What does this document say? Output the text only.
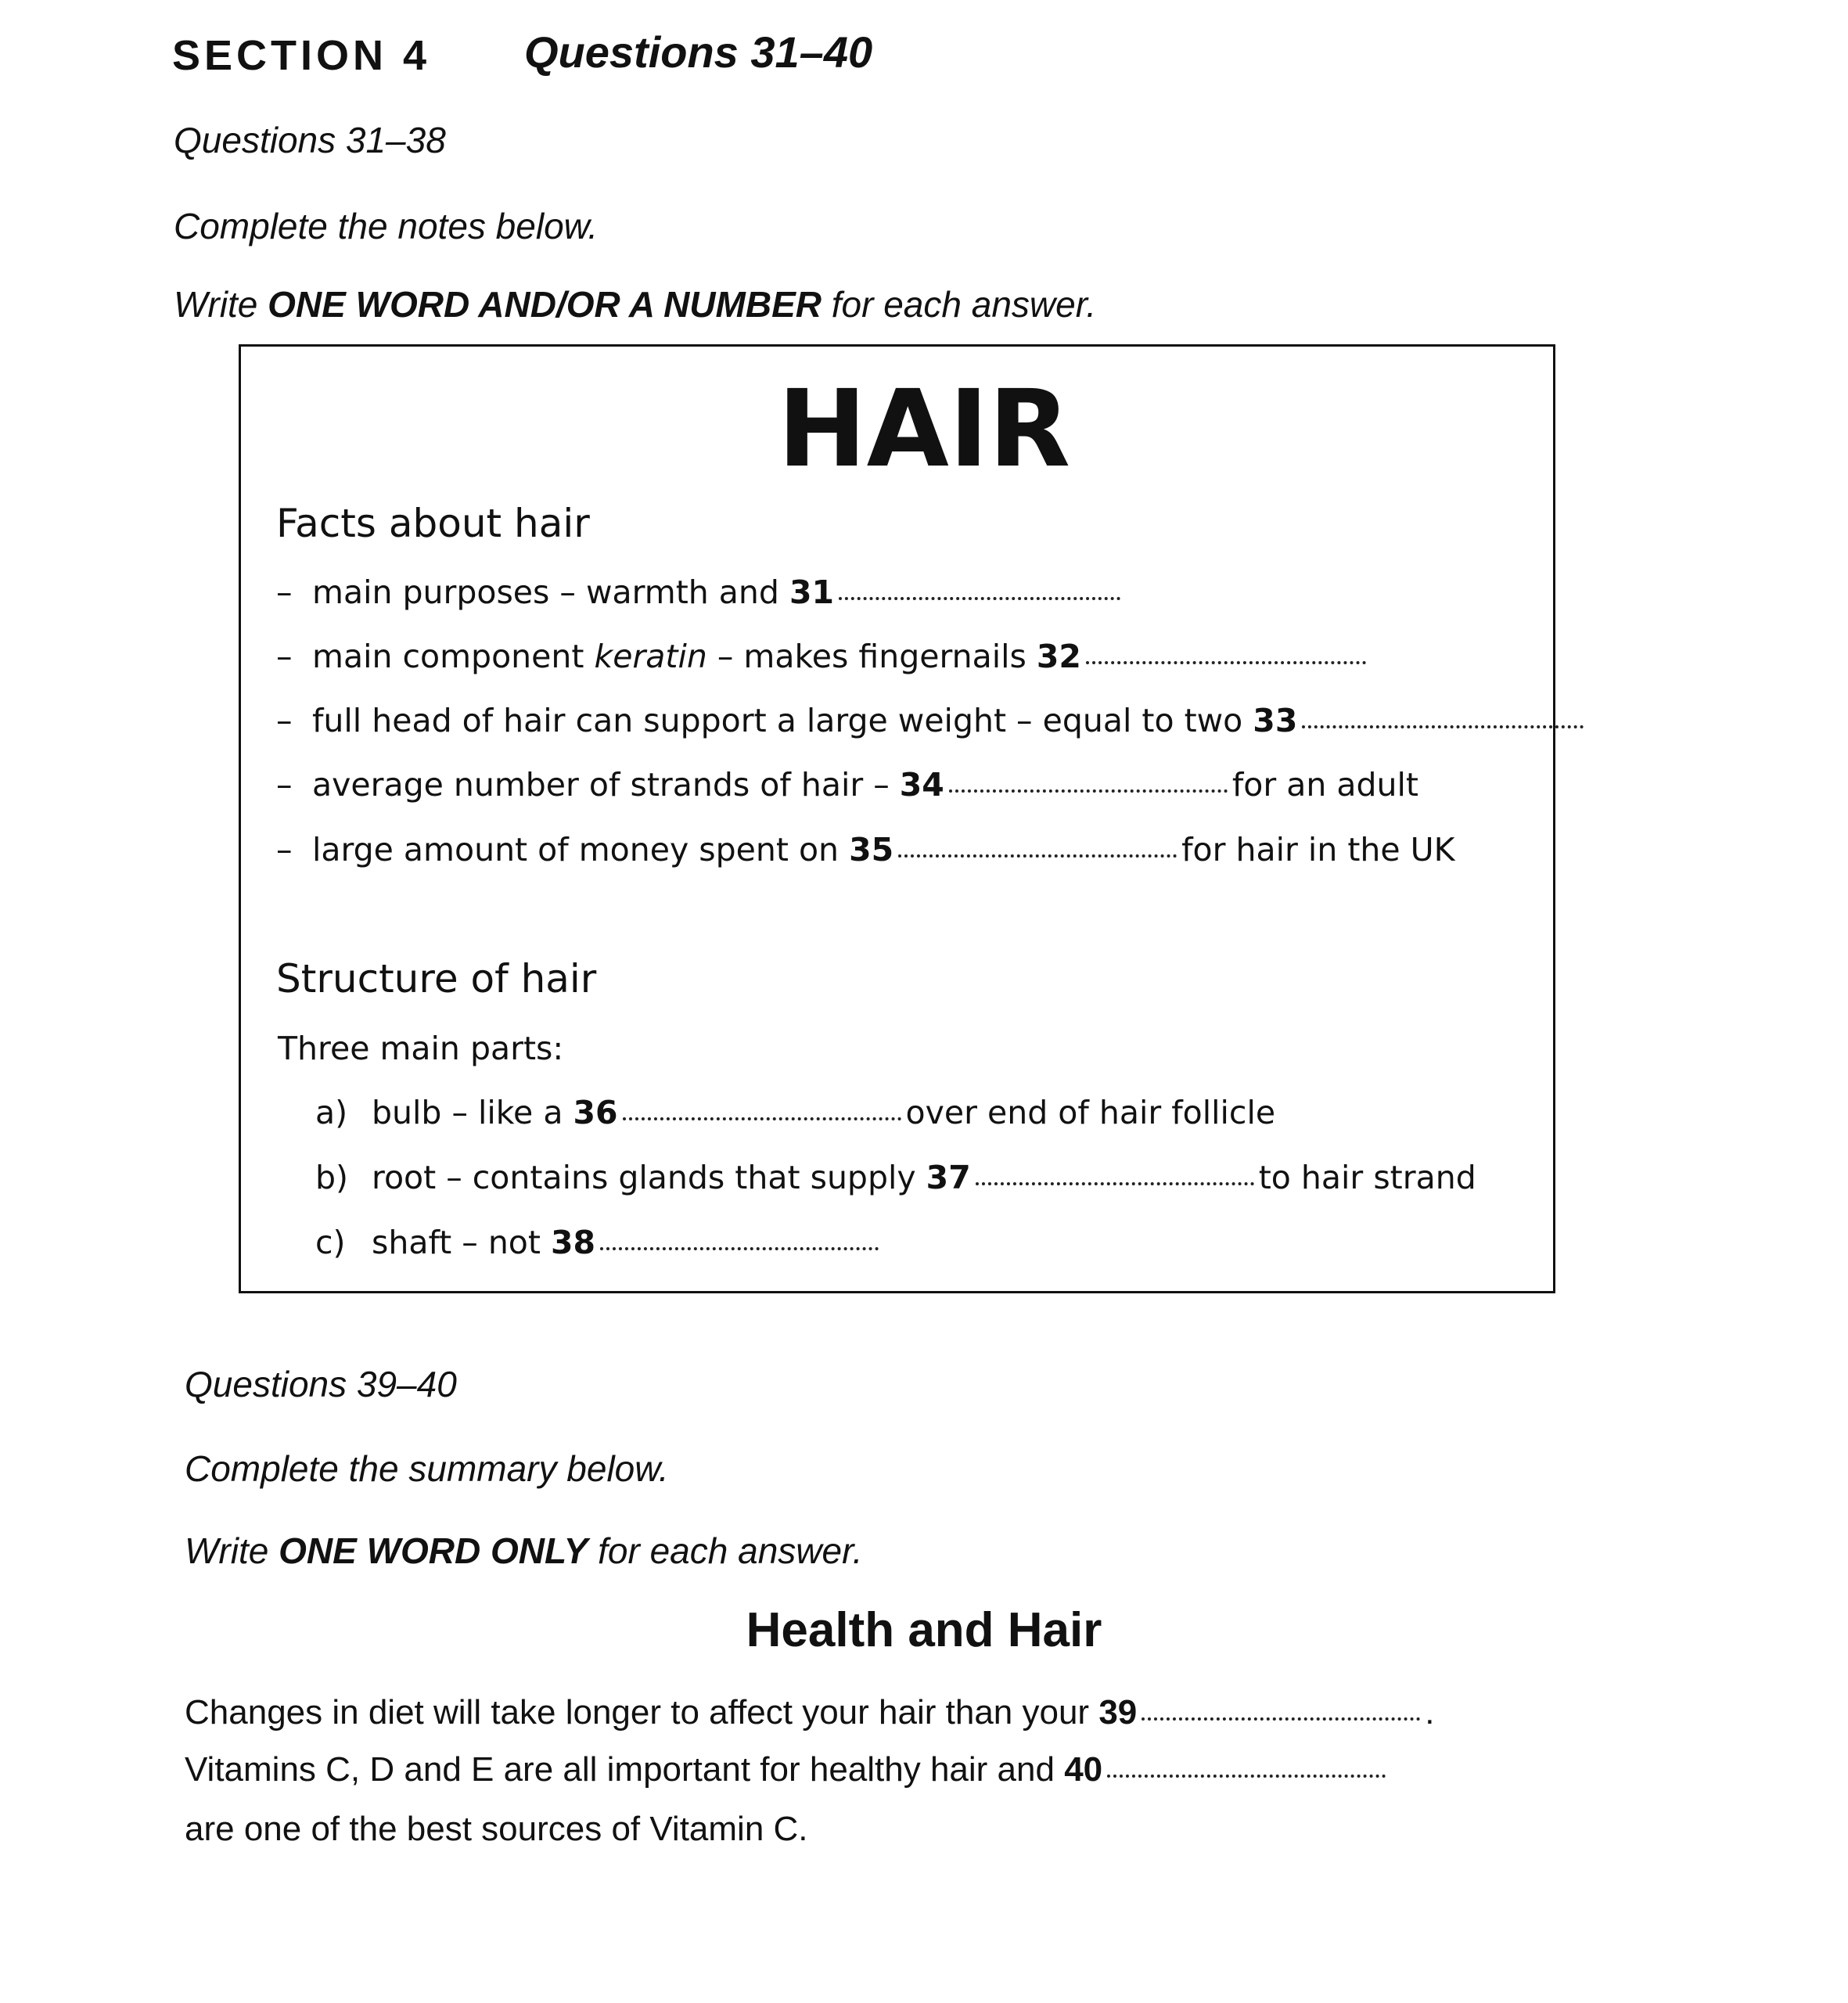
SECTION 4 Questions 31–40
Questions 31–38
Complete the notes below.
Write ONE WORD AND/OR A NUMBER for each answer.
HAIR
Facts about hair
– main purposes – warmth and 31
– main component keratin – makes fingernails 32
– full head of hair can support a large weight – equal to two 33
– average number of strands of hair – 34	for an adult
– large amount of money spent on 35	for hair in the UK
Structure of hair
Three main parts:
a) bulb – like a 36	over end of hair follicle
b) root – contains glands that supply 37	to hair strand
c) shaft – not 38
Questions 39–40
Complete the summary below.
Write ONE WORD ONLY for each answer.
Health and Hair
Changes in diet will take longer to affect your hair than your 39	.
Vitamins C, D and E are all important for healthy hair and 40
are one of the best sources of Vitamin C.
